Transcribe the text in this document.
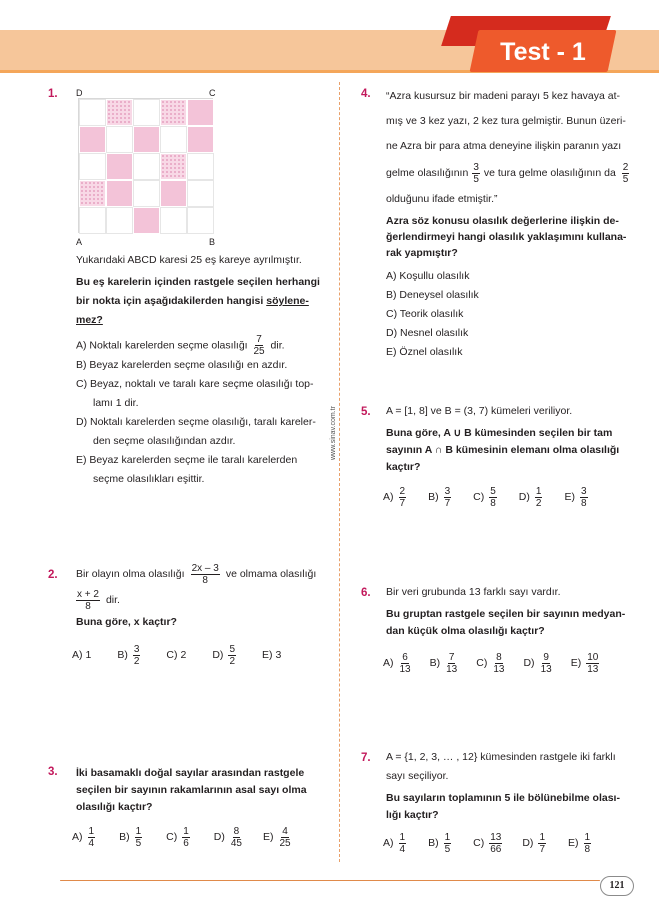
Test - 1
www.sinav.com.tr
1. D	C
A	B
Yukarıdaki ABCD karesi 25 eş kareye ayrılmıştır.
Bu eş karelerin içinden rastgele seçilen herhangi
bir nokta için aşağıdakilerden hangisi söylene-
mez?
A) Noktalı karelerden seçme olasılığı $\frac{7}{25}$ dir.
B) Beyaz karelerden seçme olasılığı en azdır.
C) Beyaz, noktalı ve taralı kare seçme olasılığı top-
lamı 1 dir.
D) Noktalı karelerden seçme olasılığı, taralı kareler-
den seçme olasılığından azdır.
E) Beyaz karelerden seçme ile taralı karelerden
seçme olasılıkları eşittir.
2. Bir olayın olma olasılığı $\frac{2x - 3}{8}$ ve olmama olasılığı
$\frac{x + 2}{8}$ dir.
Buna göre, x kaçtır?
A) 1 $B) \frac{3}{2} C$) 2 $D) \frac{5}{2} E$) 3
3. İki basamaklı doğal sayılar arasından rastgele
seçilen bir sayının rakamlarının asal sayı olma
olasılığı kaçtır?
$A) \frac{1}{4} B) \frac{1}{5} C) \frac{1}{6} D) \frac{8}{45} E) \frac{4}{25}$
4. “Azra kusursuz bir madeni parayı 5 kez havaya at-
mış ve 3 kez yazı, 2 kez tura gelmiştir. Bunun üzeri-
ne Azra bir para atma deneyine ilişkin paranın yazı
gelme olasılığının $\frac{3}{5}$ ve tura gelme olasılığının da $\frac{2}{5}$
olduğunu ifade etmiştir.”
Azra söz konusu olasılık değerlerine ilişkin de-
ğerlendirmeyi hangi olasılık yaklaşımını kullana-
rak yapmıştır?
A) Koşullu olasılık
B) Deneysel olasılık
C) Teorik olasılık
D) Nesnel olasılık
E) Öznel olasılık
5. A = [1, 8] ve B = (3, 7) kümeleri veriliyor.
Buna göre, A ∪ B kümesinden seçilen bir tam
sayının A ∩ B kümesinin elemanı olma olasılığı
kaçtır?
$A) \frac{2}{7} B) \frac{3}{7} C) \frac{5}{8} D) \frac{1}{2} E) \frac{3}{8}$
6. Bir veri grubunda 13 farklı sayı vardır.
Bu gruptan rastgele seçilen bir sayının medyan-
dan küçük olma olasılığı kaçtır?
$A) \frac{6}{13} B) \frac{7}{13} C) \frac{8}{13} D) \frac{9}{13} E) \frac{10}{13}$
7. A = {1, 2, 3, … , 12} kümesinden rastgele iki farklı
sayı seçiliyor.
Bu sayıların toplamının 5 ile bölünebilme olası-
lığı kaçtır?
$A) \frac{1}{4} B) \frac{1}{5} C) \frac{13}{66} D) \frac{1}{7} E) \frac{1}{8}$
121
